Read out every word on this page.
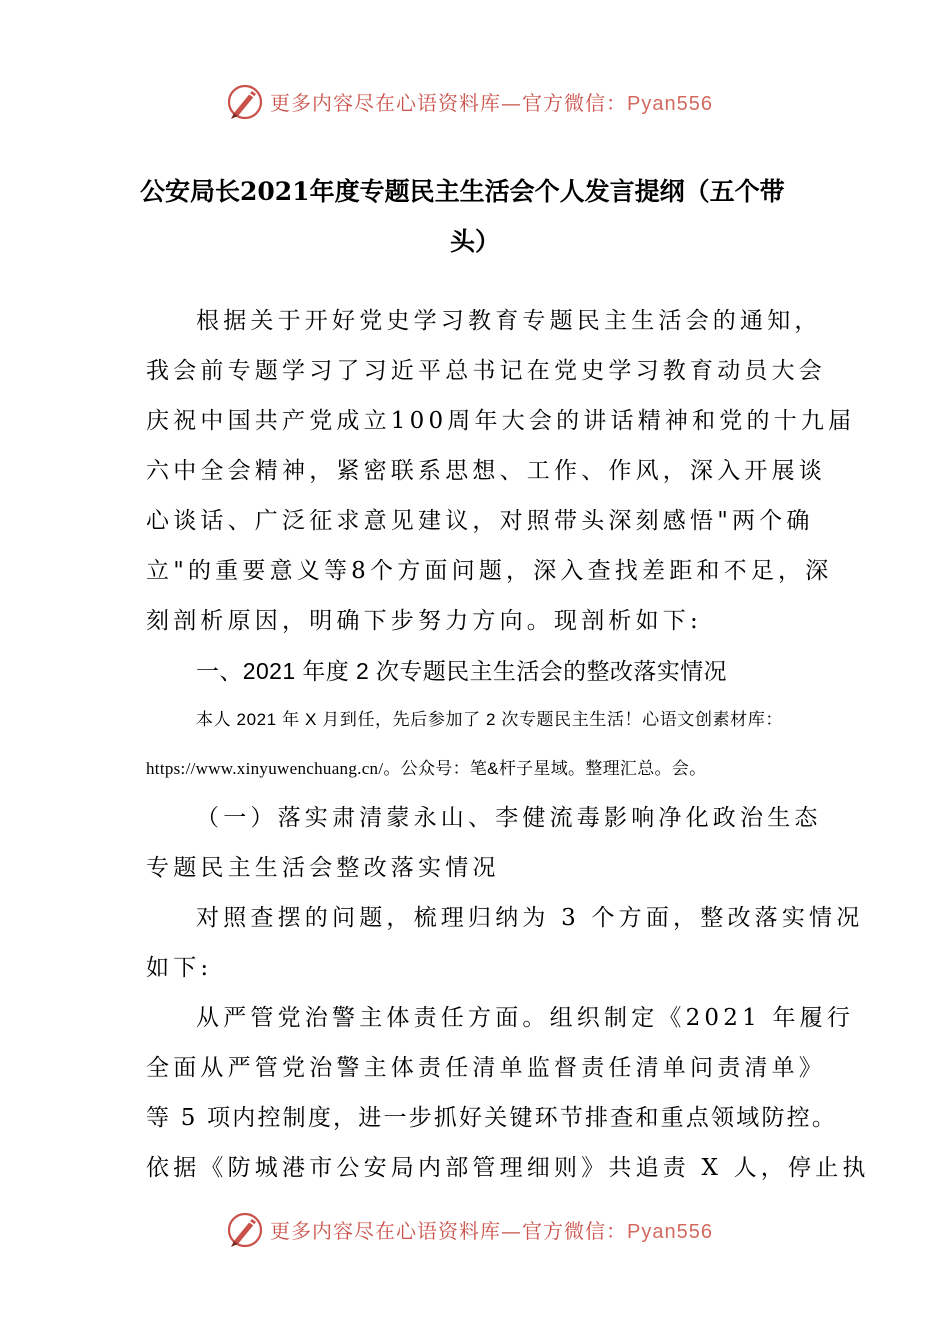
更多内容尽在心语资料库—官方微信：Pyan556
公安局长2021年度专题民主生活会个人发言提纲（五个带
头）
根据关于开好党史学习教育专题民主生活会的通知，
我会前专题学习了习近平总书记在党史学习教育动员大会
庆祝中国共产党成立100周年大会的讲话精神和党的十九届
六中全会精神，紧密联系思想、工作、作风，深入开展谈
心谈话、广泛征求意见建议，对照带头深刻感悟"两个确
立"的重要意义等8个方面问题，深入查找差距和不足，深
刻剖析原因，明确下步努力方向。现剖析如下:
一、2021 年度 2 次专题民主生活会的整改落实情况
本人 2021 年 X 月到任，先后参加了 2 次专题民主生活！心语文创素材库：
https://www.xinyuwenchuang.cn/。公众号：笔&杆子星域。整理汇总。会。
（一）落实肃清蒙永山、李健流毒影响净化政治生态
专题民主生活会整改落实情况
对照查摆的问题，梳理归纳为 3 个方面，整改落实情况
如下:
从严管党治警主体责任方面。组织制定《2021 年履行
全面从严管党治警主体责任清单监督责任清单问责清单》
等 5 项内控制度，进一步抓好关键环节排查和重点领域防控。
依据《防城港市公安局内部管理细则》共追责 X 人，停止执
更多内容尽在心语资料库—官方微信：Pyan556
